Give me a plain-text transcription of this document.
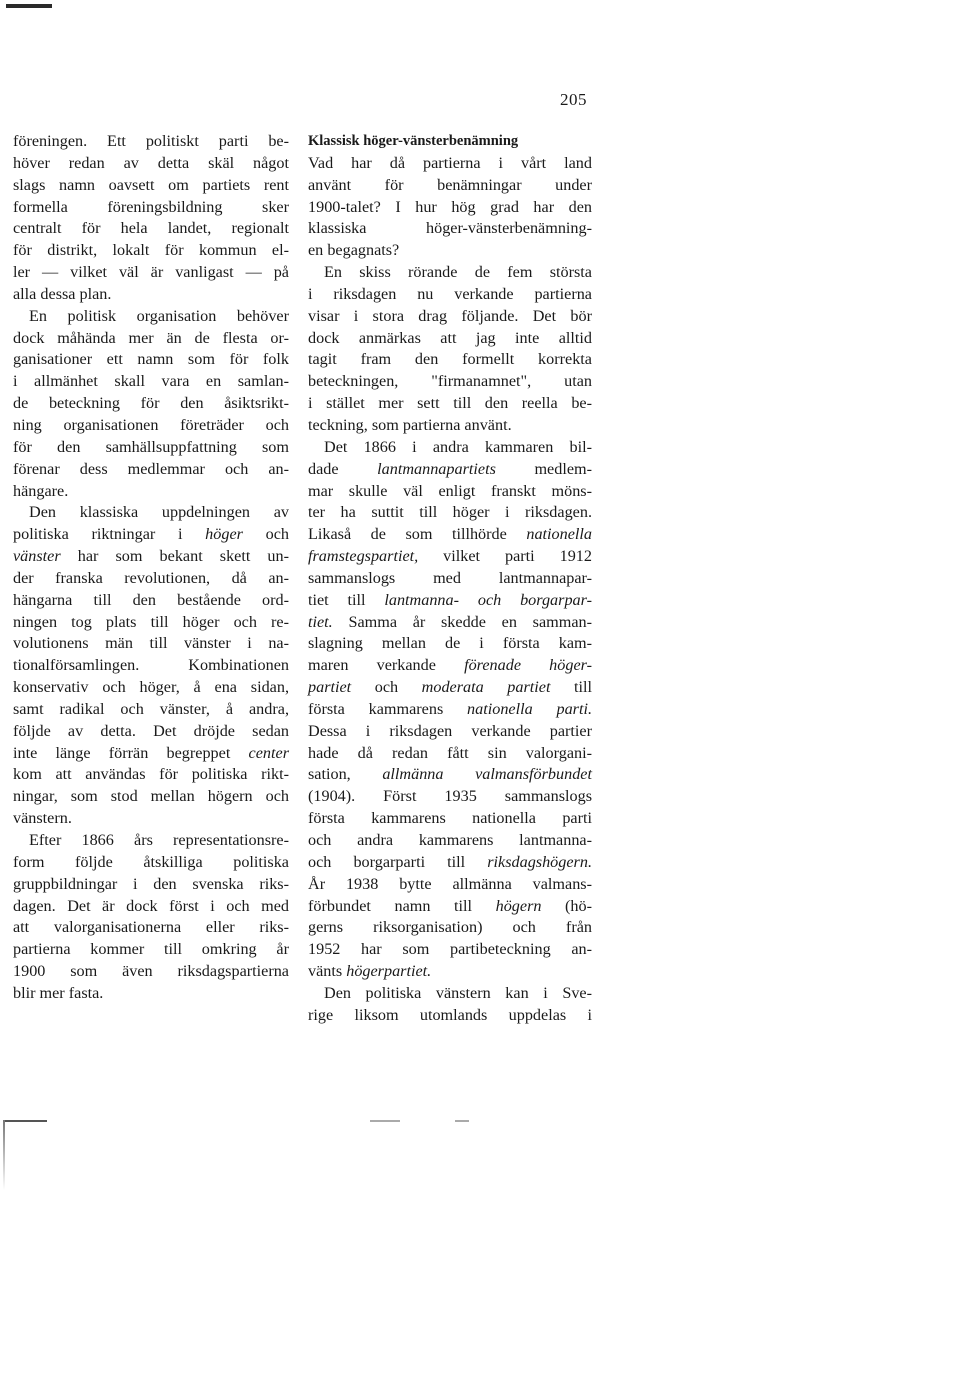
205
föreningen. Ett politiskt parti be-
höver redan av detta skäl något
slags namn oavsett om partiets rent
formella föreningsbildning sker
centralt för hela landet, regionalt
för distrikt, lokalt för kommun el-
ler — vilket väl är vanligast — på
alla dessa plan.
En politisk organisation behöver
dock måhända mer än de flesta or-
ganisationer ett namn som för folk
i allmänhet skall vara en samlan-
de beteckning för den åsiktsrikt-
ning organisationen företräder och
för den samhällsuppfattning som
förenar dess medlemmar och an-
hängare.
Den klassiska uppdelningen av
politiska riktningar i höger och
vänster har som bekant skett un-
der franska revolutionen, då an-
hängarna till den bestående ord-
ningen tog plats till höger och re-
volutionens män till vänster i na-
tionalförsamlingen. Kombinationen
konservativ och höger, å ena sidan,
samt radikal och vänster, å andra,
följde av detta. Det dröjde sedan
inte länge förrän begreppet center
kom att användas för politiska rikt-
ningar, som stod mellan högern och
vänstern.
Efter 1866 års representationsre-
form följde åtskilliga politiska
gruppbildningar i den svenska riks-
dagen. Det är dock först i och med
att valorganisationerna eller riks-
partierna kommer till omkring år
1900 som även riksdagspartierna
blir mer fasta.
Klassisk höger-vänsterbenämning
Vad har då partierna i vårt land
använt för benämningar under
1900-talet? I hur hög grad har den
klassiska höger-vänsterbenämning-
en begagnats?
En skiss rörande de fem största
i riksdagen nu verkande partierna
visar i stora drag följande. Det bör
dock anmärkas att jag inte alltid
tagit fram den formellt korrekta
beteckningen, "firmanamnet", utan
i stället mer sett till den reella be-
teckning, som partierna använt.
Det 1866 i andra kammaren bil-
dade lantmannapartiets medlem-
mar skulle väl enligt franskt möns-
ter ha suttit till höger i riksdagen.
Likaså de som tillhörde nationella
framstegspartiet, vilket parti 1912
sammanslogs med lantmannapar-
tiet till lantmanna- och borgarpar-
tiet. Samma år skedde en samman-
slagning mellan de i första kam-
maren verkande förenade höger-
partiet och moderata partiet till
första kammarens nationella parti.
Dessa i riksdagen verkande partier
hade då redan fått sin valorgani-
sation, allmänna valmansförbundet
(1904). Först 1935 sammanslogs
första kammarens nationella parti
och andra kammarens lantmanna-
och borgarparti till riksdagshögern.
År 1938 bytte allmänna valmans-
förbundet namn till högern (hö-
gerns riksorganisation) och från
1952 har som partibeteckning an-
vänts högerpartiet.
Den politiska vänstern kan i Sve-
rige liksom utomlands uppdelas i
